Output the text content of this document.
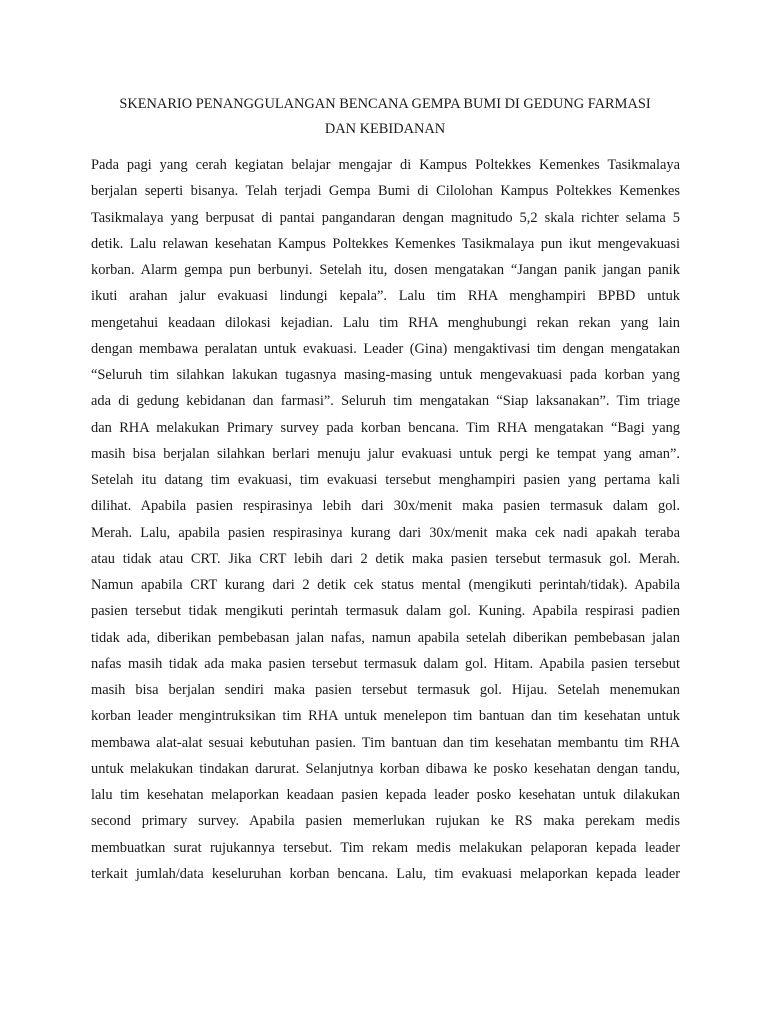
SKENARIO PENANGGULANGAN BENCANA GEMPA BUMI DI GEDUNG FARMASI
DAN KEBIDANAN
Pada pagi yang cerah kegiatan belajar mengajar di Kampus Poltekkes Kemenkes Tasikmalaya
berjalan seperti bisanya. Telah terjadi Gempa Bumi di Cilolohan Kampus Poltekkes Kemenkes
Tasikmalaya yang berpusat di pantai pangandaran dengan magnitudo 5,2 skala richter selama 5
detik. Lalu relawan kesehatan Kampus Poltekkes Kemenkes Tasikmalaya pun ikut mengevakuasi
korban. Alarm gempa pun berbunyi. Setelah itu, dosen mengatakan “Jangan panik jangan panik
ikuti arahan jalur evakuasi lindungi kepala”. Lalu tim RHA menghampiri BPBD untuk
mengetahui keadaan dilokasi kejadian. Lalu tim RHA menghubungi rekan rekan yang lain
dengan membawa peralatan untuk evakuasi. Leader (Gina) mengaktivasi tim dengan mengatakan
“Seluruh tim silahkan lakukan tugasnya masing-masing untuk mengevakuasi pada korban yang
ada di gedung kebidanan dan farmasi”. Seluruh tim mengatakan “Siap laksanakan”. Tim triage
dan RHA melakukan Primary survey pada korban bencana. Tim RHA mengatakan “Bagi yang
masih bisa berjalan silahkan berlari menuju jalur evakuasi untuk pergi ke tempat yang aman”.
Setelah itu datang tim evakuasi, tim evakuasi tersebut menghampiri pasien yang pertama kali
dilihat. Apabila pasien respirasinya lebih dari 30x/menit maka pasien termasuk dalam gol.
Merah. Lalu, apabila pasien respirasinya kurang dari 30x/menit maka cek nadi apakah teraba
atau tidak atau CRT. Jika CRT lebih dari 2 detik maka pasien tersebut termasuk gol. Merah.
Namun apabila CRT kurang dari 2 detik cek status mental (mengikuti perintah/tidak). Apabila
pasien tersebut tidak mengikuti perintah termasuk dalam gol. Kuning. Apabila respirasi padien
tidak ada, diberikan pembebasan jalan nafas, namun apabila setelah diberikan pembebasan jalan
nafas masih tidak ada maka pasien tersebut termasuk dalam gol. Hitam. Apabila pasien tersebut
masih bisa berjalan sendiri maka pasien tersebut termasuk gol. Hijau. Setelah menemukan
korban leader mengintruksikan tim RHA untuk menelepon tim bantuan dan tim kesehatan untuk
membawa alat-alat sesuai kebutuhan pasien. Tim bantuan dan tim kesehatan membantu tim RHA
untuk melakukan tindakan darurat. Selanjutnya korban dibawa ke posko kesehatan dengan tandu,
lalu tim kesehatan melaporkan keadaan pasien kepada leader posko kesehatan untuk dilakukan
second primary survey. Apabila pasien memerlukan rujukan ke RS maka perekam medis
membuatkan surat rujukannya tersebut. Tim rekam medis melakukan pelaporan kepada leader
terkait jumlah/data keseluruhan korban bencana. Lalu, tim evakuasi melaporkan kepada leader
